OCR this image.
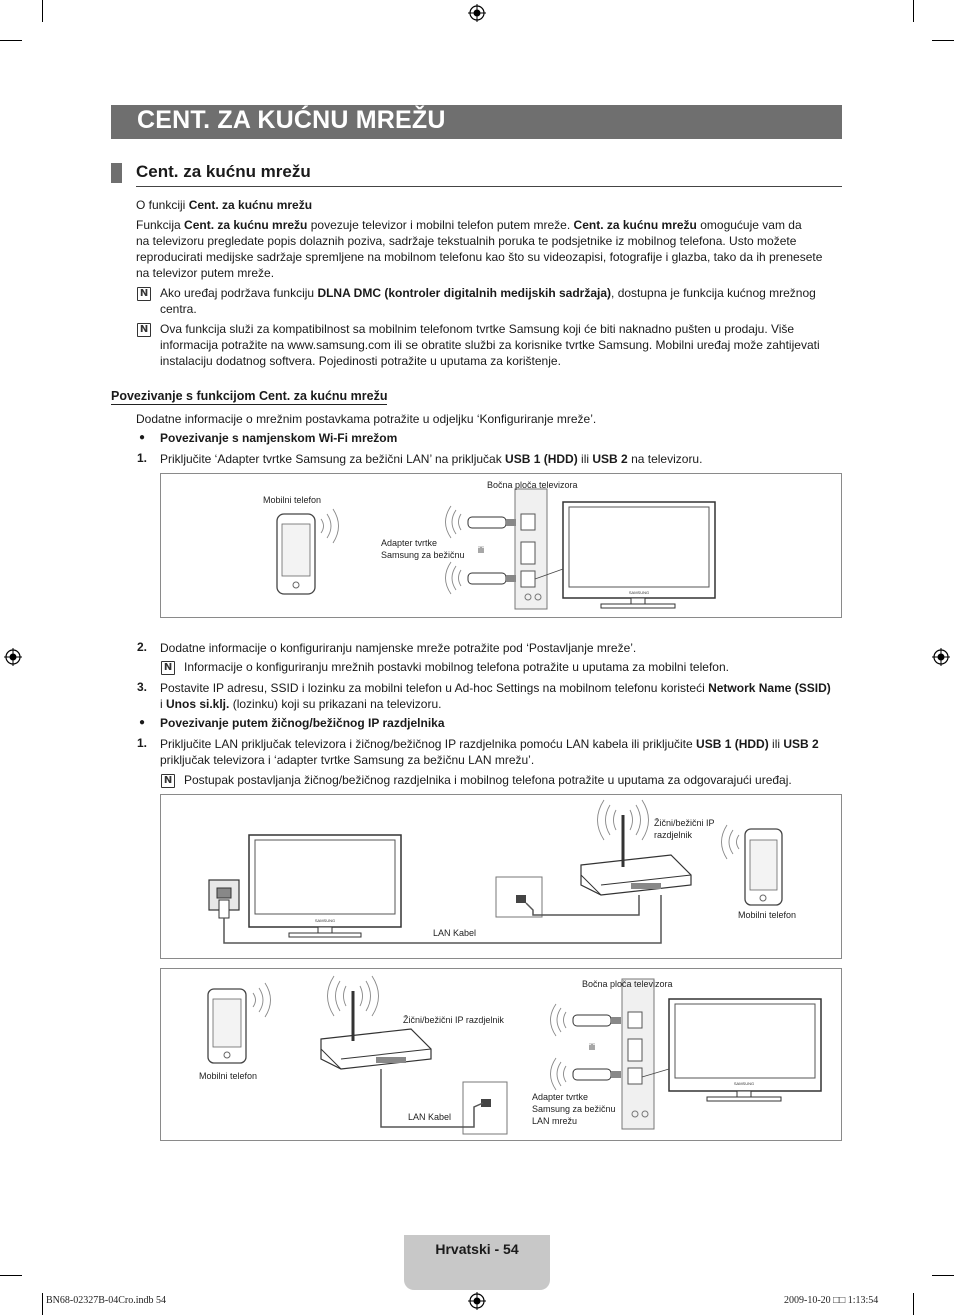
CENT. ZA KUĆNU MREŽU
Cent. za kućnu mrežu
O funkciji Cent. za kućnu mrežu
Funkcija Cent. za kućnu mrežu povezuje televizor i mobilni telefon putem mreže. Cent. za kućnu mrežu omogućuje vam da
na televizoru pregledate popis dolaznih poziva, sadržaje tekstualnih poruka te podsjetnike iz mobilnog telefona. Usto možete
reproducirati medijske sadržaje spremljene na mobilnom telefonu kao što su videozapisi, fotografije i glazba, tako da ih prenesete
na televizor putem mreže.
N Ako uređaj podržava funkciju DLNA DMC (kontroler digitalnih medijskih sadržaja), dostupna je funkcija kućnog mrežnog
centra.
N Ova funkcija služi za kompatibilnost sa mobilnim telefonom tvrtke Samsung koji će biti naknadno pušten u prodaju. Više
informacija potražite na www.samsung.com ili se obratite službi za korisnike tvrtke Samsung. Mobilni uređaj može zahtijevati
instalaciju dodatnog softvera. Pojedinosti potražite u uputama za korištenje.
Povezivanje s funkcijom Cent. za kućnu mrežu
Dodatne informacije o mrežnim postavkama potražite u odjeljku ‘Konfiguriranje mreže’.
● Povezivanje s namjenskom Wi-Fi mrežom
1. Priključite ‘Adapter tvrtke Samsung za bežični LAN’ na priključak USB 1 (HDD) ili USB 2 na televizoru.
SAMSUNG
Bočna ploča televizora
Mobilni telefon
Adapter tvrtke
Samsung za bežičnu ili
2. Dodatne informacije o konfiguriranju namjenske mreže potražite pod ‘Postavljanje mreže’.
N Informacije o konfiguriranju mrežnih postavki mobilnog telefona potražite u uputama za mobilni telefon.
3. Postavite IP adresu, SSID i lozinku za mobilni telefon u Ad-hoc Settings na mobilnom telefonu koristeći Network Name (SSID)
i Unos si.klj. (lozinku) koji su prikazani na televizoru.
● Povezivanje putem žičnog/bežičnog IP razdjelnika
1. Priključite LAN priključak televizora i žičnog/bežičnog IP razdjelnika pomoću LAN kabela ili priključite USB 1 (HDD) ili USB 2
priključak televizora i ‘adapter tvrtke Samsung za bežičnu LAN mrežu’.
N Postupak postavljanja žičnog/bežičnog razdjelnika i mobilnog telefona potražite u uputama za odgovarajući uređaj.
SAMSUNG
Žični/bežični IP
razdjelnik
Mobilni telefon
LAN Kabel
SAMSUNG
Bočna ploča televizora
Žični/bežični IP razdjelnik
Mobilni telefon
LAN Kabel
Adapter tvrtke
Samsung za bežičnu
LAN mrežu
ili
Hrvatski - 54
BN68-02327B-04Cro.indb 54	2009-10-20 □□ 1:13:54
